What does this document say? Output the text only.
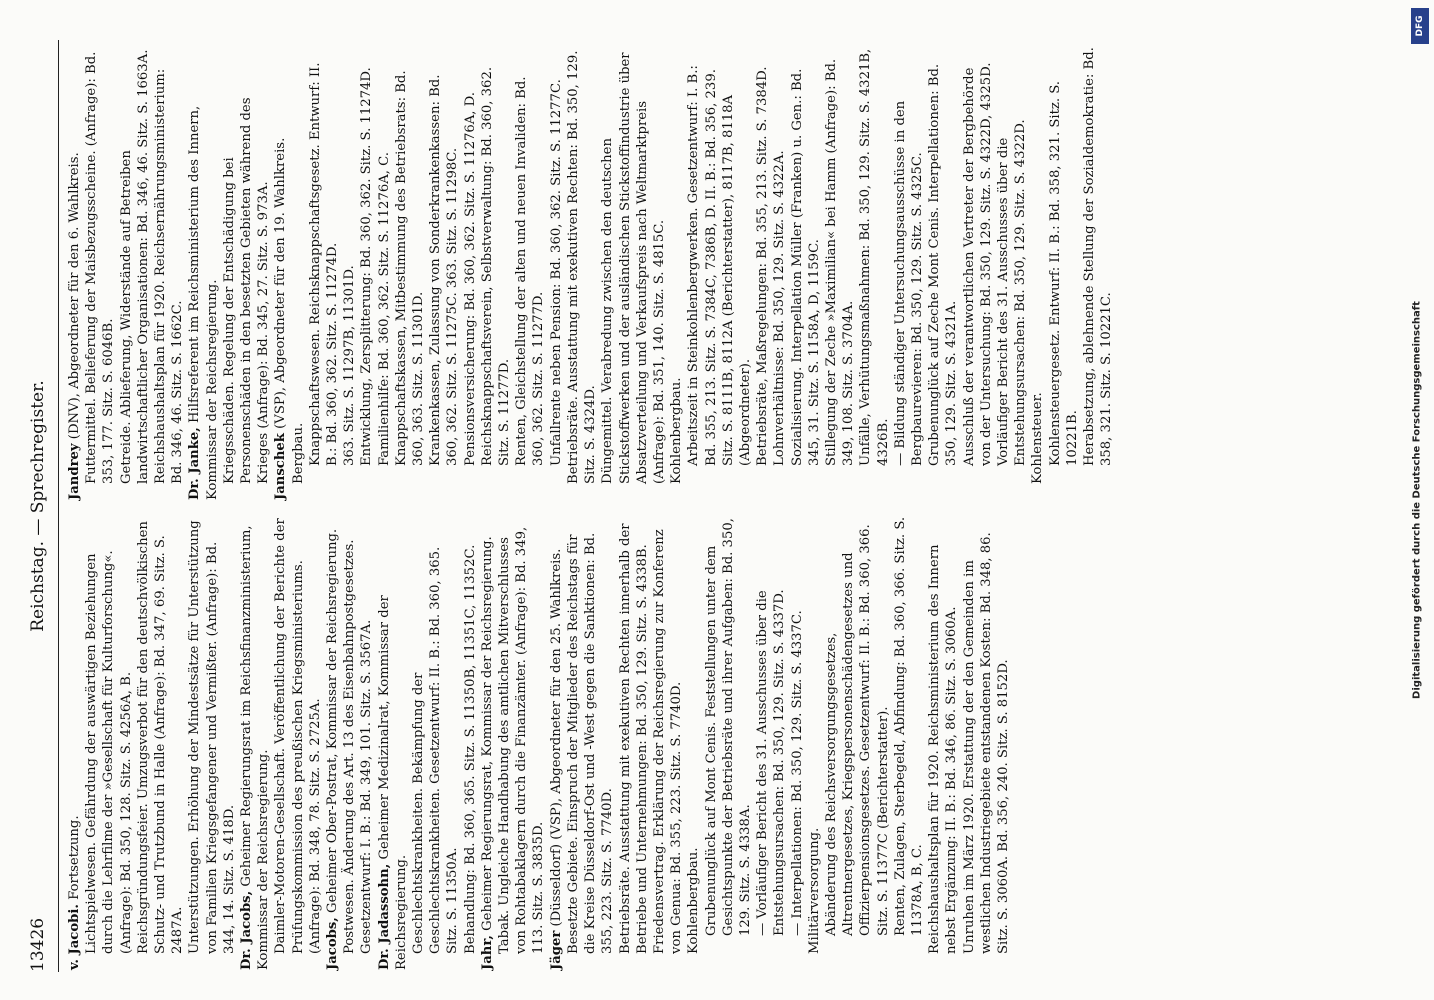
13426
Reichstag. — Sprechregister.

v. Jacobi. Fortsetzung. Lichtspielwesen. Gefährdung der auswärtigen Beziehungen durch die Lehrfilme der »Gesellschaft für Kulturforschung«. (Anfrage): Bd. 350, 128. Sitz. S. 4256A, B. Reichsgründungsfeier. Umzugsverbot für den deutschvölkischen Schutz- und Trutzbund in Halle (Anfrage): Bd. 347, 69. Sitz. S. 2487A. Unterstützungen. Erhöhung der Mindestsätze für Unterstützung von Familien Kriegsgefangener und Vermißter. (Anfrage): Bd. 344, 14. Sitz. S. 418D. Dr. Jacobs, Geheimer Regierungsrat im Reichsfinanzministerium, Kommissar der Reichsregierung. Daimler-Motoren-Gesellschaft. Veröffentlichung der Berichte der Prüfungskommission des preußischen Kriegsministeriums. (Anfrage): Bd. 348, 78. Sitz. S. 2725A. Jacobs, Geheimer Ober-Postrat, Kommissar der Reichsregierung. Postwesen. Änderung des Art. 13 des Eisenbahnpostgesetzes. Gesetzentwurf: I. B.: Bd. 349, 101. Sitz. S. 3567A. Dr. Jadassohn, Geheimer Medizinalrat, Kommissar der Reichsregierung. Geschlechtskrankheiten. Bekämpfung der Geschlechtskrankheiten. Gesetzentwurf: II. B.: Bd. 360, 365. Sitz. S. 11350A. Behandlung: Bd. 360, 365. Sitz. S. 11350B, 11351C, 11352C. Jahr, Geheimer Regierungsrat, Kommissar der Reichsregierung. Tabak. Ungleiche Handhabung des amtlichen Mitverschlusses von Rohtabaklagern durch die Finanzämter. (Anfrage): Bd. 349, 113. Sitz. S. 3835D. Jäger (Düsseldorf) (VSP), Abgeordneter für den 25. Wahlkreis. Besetzte Gebiete. Einspruch der Mitglieder des Reichstags für die Kreise Düsseldorf-Ost und -West gegen die Sanktionen: Bd. 355, 223. Sitz. S. 7740D. Betriebsräte. Ausstattung mit exekutiven Rechten innerhalb der Betriebe und Unternehmungen: Bd. 350, 129. Sitz. S. 4338B. Friedensvertrag. Erklärung der Reichsregierung zur Konferenz von Genua: Bd. 355, 223. Sitz. S. 7740D. Kohlenbergbau. Grubenunglück auf Mont Cenis. Feststellungen unter dem Gesichtspunkte der Betriebsräte und ihrer Aufgaben: Bd. 350, 129. Sitz. S. 4338A. — Vorläufiger Bericht des 31. Ausschusses über die Entstehungsursachen: Bd. 350, 129. Sitz. S. 4337D. — Interpellationen: Bd. 350, 129. Sitz. S. 4337C. Militärversorgung. Abänderung des Reichsversorgungsgesetzes, Altrentnergesetzes, Kriegspersonenschädengesetzes und Offizierpensionsgesetzes. Gesetzentwurf: II. B.: Bd. 360, 366. Sitz. S. 11377C (Berichterstatter). Renten, Zulagen, Sterbegeld, Abfindung: Bd. 360, 366. Sitz. S. 11378A, B, C. Reichshaushaltsplan für 1920. Reichsministerium des Innern nebst Ergänzung: II. B.: Bd. 346, 86. Sitz. S. 3060A. Unruhen im März 1920. Erstattung der den Gemeinden im westlichen Industriegebiete entstandenen Kosten: Bd. 348, 86. Sitz. S. 3060A. Bd. 356, 240. Sitz. S. 8152D.

Jandrey (DNV), Abgeordneter für den 6. Wahlkreis. Futtermittel. Belieferung der Maisbezugsscheine. (Anfrage): Bd. 353, 177. Sitz. S. 6046B. Getreide. Ablieferung, Widerstände auf Betreiben landwirtschaftlicher Organisationen: Bd. 346, 46. Sitz. S. 1663A. Reichshaushaltsplan für 1920. Reichsernährungsministerium: Bd. 346, 46. Sitz. S. 1662C. Dr. Janke, Hilfsreferent im Reichsministerium des Innern, Kommissar der Reichsregierung. Kriegsschäden. Regelung der Entschädigung bei Personenschäden in den besetzten Gebieten während des Krieges (Anfrage): Bd. 345, 27. Sitz. S. 973A. Janschek (VSP), Abgeordneter für den 19. Wahlkreis.

Bergbau. Knappschaftswesen. Reichsknappschaftsgesetz. Entwurf: II. B.: Bd. 360, 362. Sitz. S. 11274D. 363. Sitz. S. 11297B, 11301D. Entwicklung, Zersplitterung: Bd. 360, 362. Sitz. S. 11274D. Familienhilfe: Bd. 360, 362. Sitz. S. 11276A, C. Knappschaftskassen, Mitbestimmung des Betriebsrats: Bd. 360, 363. Sitz. S. 11301D. Krankenkassen, Zulassung von Sonderkrankenkassen: Bd. 360, 362. Sitz. S. 11275C. 363. Sitz. S. 11298C. Pensionsversicherung: Bd. 360, 362. Sitz. S. 11276A, D. Reichsknappschaftsverein, Selbstverwaltung: Bd. 360, 362. Sitz. S. 11277D. Renten, Gleichstellung der alten und neuen Invaliden: Bd. 360, 362. Sitz. S. 11277D. Unfallrente neben Pension: Bd. 360, 362. Sitz. S. 11277C. Betriebsräte. Ausstattung mit exekutiven Rechten: Bd. 350, 129. Sitz. S. 4324D. Düngemittel. Verabredung zwischen den deutschen Stickstoffwerken und der ausländischen Stickstoffindustrie über Absatzverteilung und Verkaufspreis nach Weltmarktpreis (Anfrage): Bd. 351, 140. Sitz. S. 4815C. Kohlenbergbau. Arbeitszeit in Steinkohlenbergwerken. Gesetzentwurf: I. B.: Bd. 355, 213. Sitz. S. 7384C, 7386B, D. II. B.: Bd. 356, 239. Sitz. S. 8111B, 8112A (Berichterstatter), 8117B, 8118A (Abgeordneter). Betriebsräte, Maßregelungen: Bd. 355, 213. Sitz. S. 7384D. Lohnverhältnisse: Bd. 350, 129. Sitz. S. 4322A. Sozialisierung. Interpellation Müller (Franken) u. Gen.: Bd. 345, 31. Sitz. S. 1158A, D, 1159C. Stillegung der Zeche »Maximilian« bei Hamm (Anfrage): Bd. 349, 108. Sitz. S. 3704A. Unfälle, Verhütungsmaßnahmen: Bd. 350, 129. Sitz. S. 4321B, 4326B. — Bildung ständiger Untersuchungsausschüsse in den Bergbaurevieren: Bd. 350, 129. Sitz. S. 4325C. Grubenunglück auf Zeche Mont Cenis. Interpellationen: Bd. 350, 129. Sitz. S. 4321A. Ausschluß der verantwortlichen Vertreter der Bergbehörde von der Untersuchung: Bd. 350, 129. Sitz. S. 4322D, 4325D. Vorläufiger Bericht des 31. Ausschusses über die Entstehungsursachen: Bd. 350, 129. Sitz. S. 4322D. Kohlensteuer. Kohlensteuergesetz. Entwurf: II. B.: Bd. 358, 321. Sitz. S. 10221B. Herabsetzung, ablehnende Stellung der Sozialdemokratie: Bd. 358, 321. Sitz. S. 10221C.	Digitalisierung gefördert durch die Deutsche Forschungsgemeinschaft
DFG
